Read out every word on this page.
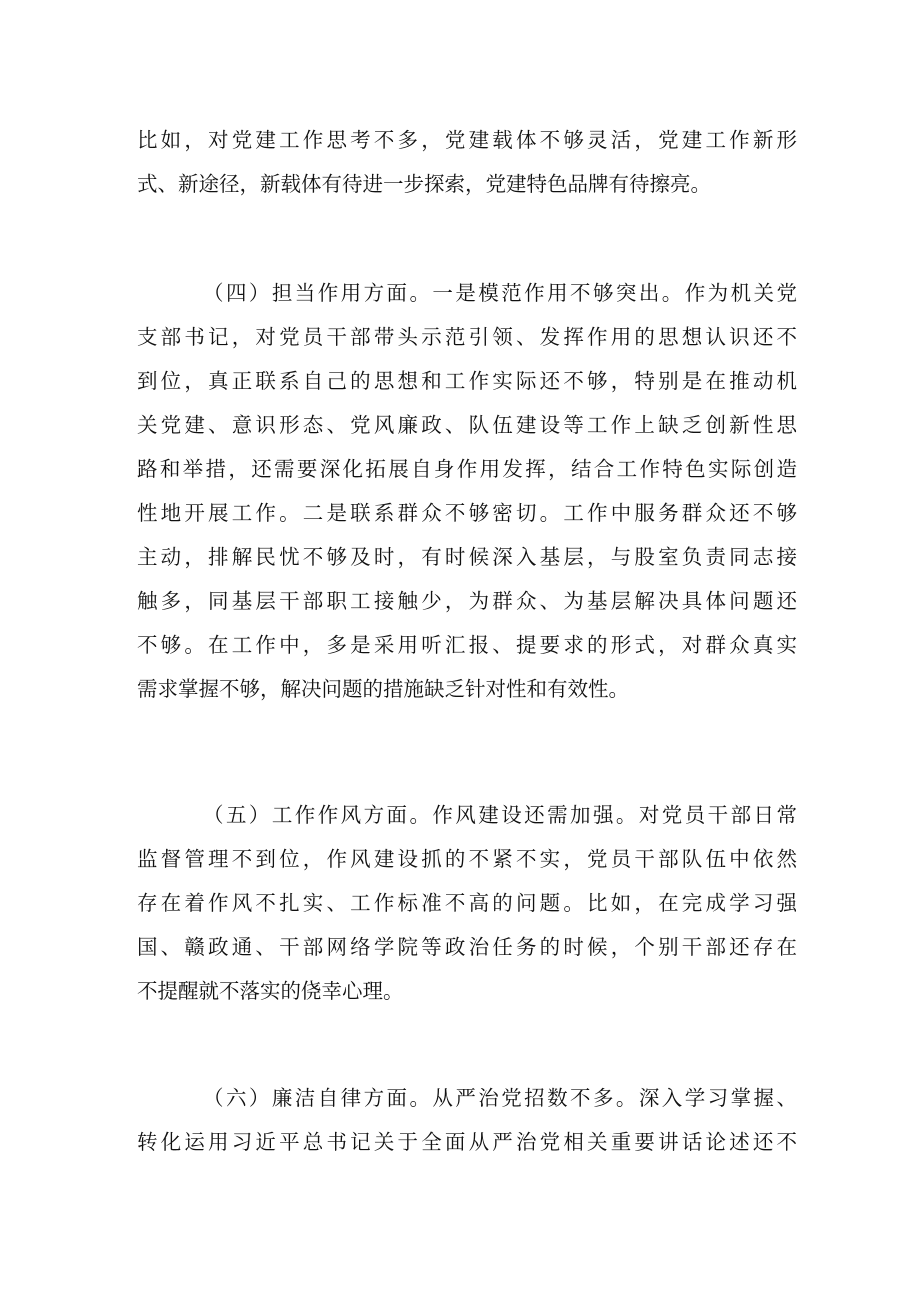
比如，对党建工作思考不多，党建载体不够灵活，党建工作新形
式、新途径，新载体有待进一步探索，党建特色品牌有待擦亮。
（四）担当作用方面。一是模范作用不够突出。作为机关党
支部书记，对党员干部带头示范引领、发挥作用的思想认识还不
到位，真正联系自己的思想和工作实际还不够，特别是在推动机
关党建、意识形态、党风廉政、队伍建设等工作上缺乏创新性思
路和举措，还需要深化拓展自身作用发挥，结合工作特色实际创造
性地开展工作。二是联系群众不够密切。工作中服务群众还不够
主动，排解民忧不够及时，有时候深入基层，与股室负责同志接
触多，同基层干部职工接触少，为群众、为基层解决具体问题还
不够。在工作中，多是采用听汇报、提要求的形式，对群众真实
需求掌握不够，解决问题的措施缺乏针对性和有效性。
（五）工作作风方面。作风建设还需加强。对党员干部日常
监督管理不到位，作风建设抓的不紧不实，党员干部队伍中依然
存在着作风不扎实、工作标准不高的问题。比如，在完成学习强
国、赣政通、干部网络学院等政治任务的时候，个别干部还存在
不提醒就不落实的侥幸心理。
（六）廉洁自律方面。从严治党招数不多。深入学习掌握、
转化运用习近平总书记关于全面从严治党相关重要讲话论述还不
